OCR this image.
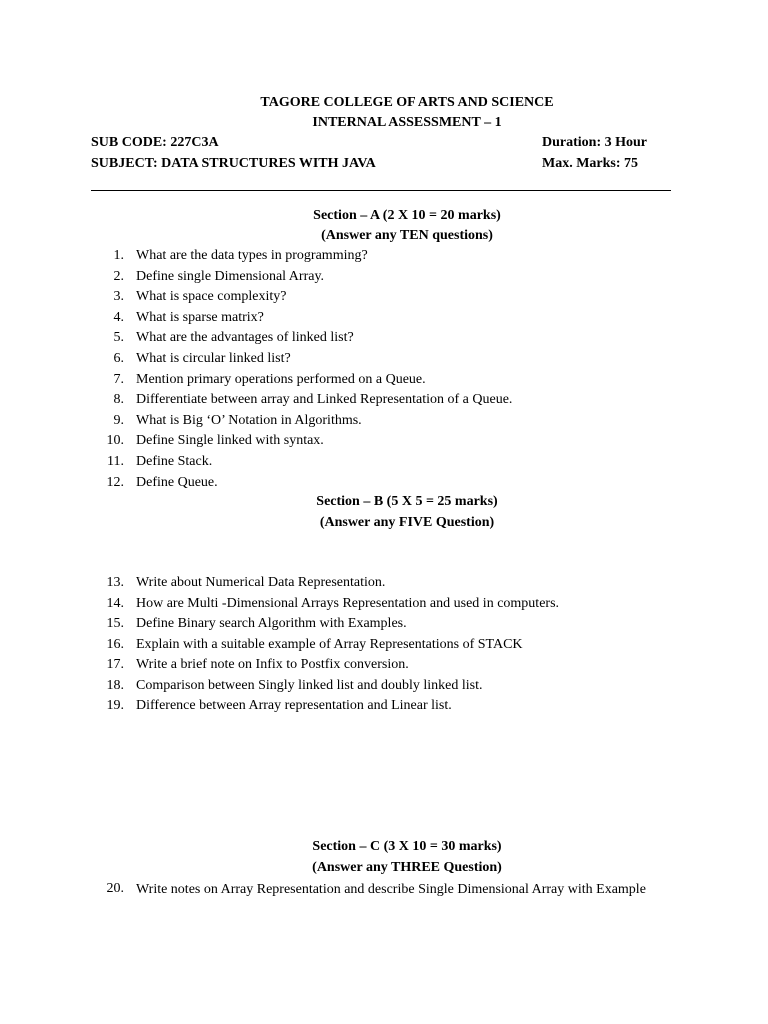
TAGORE COLLEGE OF ARTS AND SCIENCE
INTERNAL ASSESSMENT – 1
SUB CODE: 227C3A	Duration: 3 Hour
SUBJECT: DATA STRUCTURES WITH JAVA	Max. Marks: 75
Section – A (2 X 10 = 20 marks)
(Answer any TEN questions)
1. What are the data types in programming?
2. Define single Dimensional Array.
3. What is space complexity?
4. What is sparse matrix?
5. What are the advantages of linked list?
6. What is circular linked list?
7. Mention primary operations performed on a Queue.
8. Differentiate between array and Linked Representation of a Queue.
9. What is Big ‘O’ Notation in Algorithms.
10. Define Single linked with syntax.
11. Define Stack.
12. Define Queue.
Section – B (5 X 5 = 25 marks)
(Answer any FIVE Question)
13. Write about Numerical Data Representation.
14. How are Multi -Dimensional Arrays Representation and used in computers.
15. Define Binary search Algorithm with Examples.
16. Explain with a suitable example of Array Representations of STACK
17. Write a brief note on Infix to Postfix conversion.
18. Comparison between Singly linked list and doubly linked list.
19. Difference between Array representation and Linear list.
Section – C (3 X 10 = 30 marks)
(Answer any THREE Question)
20. Write notes on Array Representation and describe Single Dimensional Array with Example
